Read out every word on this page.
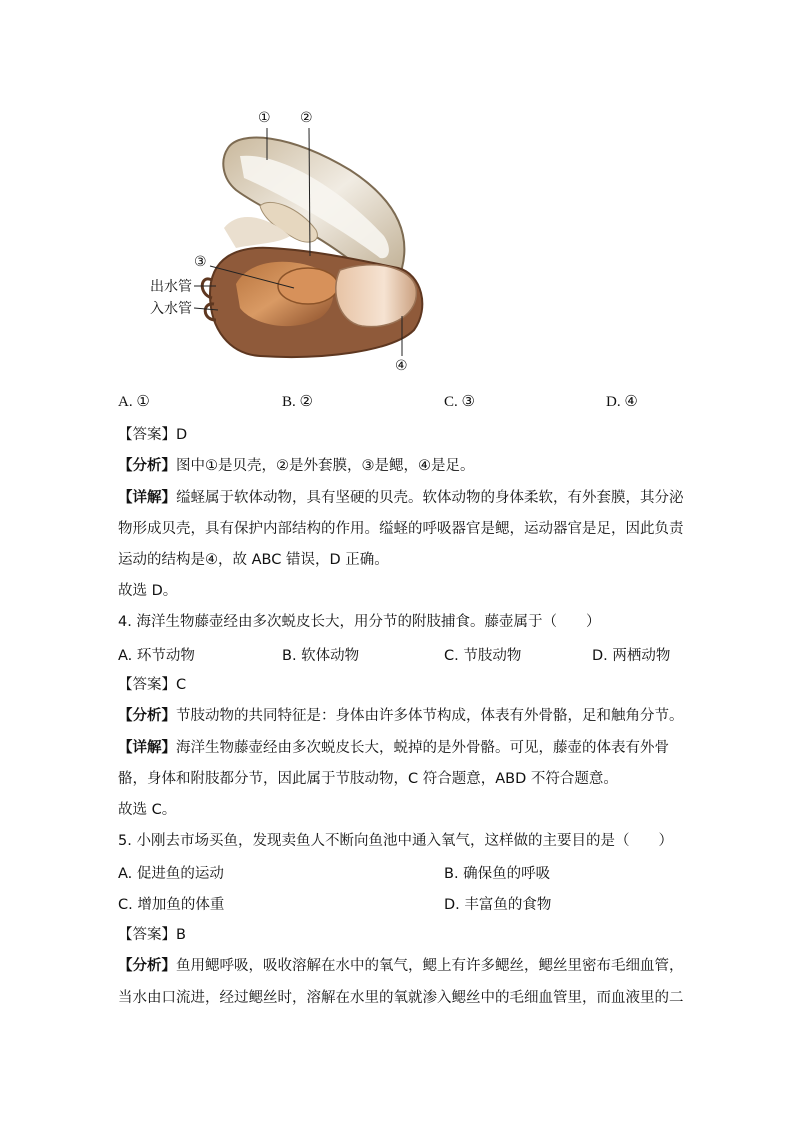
① ②
③
出水管
入水管
④
A. ①	B. ②	C. ③	D. ④
【答案】D
【分析】图中①是贝壳，②是外套膜，③是鳃，④是足。
【详解】缢蛏属于软体动物，具有坚硬的贝壳。软体动物的身体柔软，有外套膜，其分泌
物形成贝壳，具有保护内部结构的作用。缢蛏的呼吸器官是鳃，运动器官是足，因此负责
运动的结构是④，故 ABC 错误，D 正确。
故选 D。
4. 海洋生物藤壶经由多次蜕皮长大，用分节的附肢捕食。藤壶属于（　　）
A. 环节动物	B. 软体动物	C. 节肢动物	D. 两栖动物
【答案】C
【分析】节肢动物的共同特征是：身体由许多体节构成，体表有外骨骼，足和触角分节。
【详解】海洋生物藤壶经由多次蜕皮长大，蜕掉的是外骨骼。可见，藤壶的体表有外骨
骼，身体和附肢都分节，因此属于节肢动物，C 符合题意，ABD 不符合题意。
故选 C。
5. 小刚去市场买鱼，发现卖鱼人不断向鱼池中通入氧气，这样做的主要目的是（　　）
A. 促进鱼的运动	B. 确保鱼的呼吸
C. 增加鱼的体重	D. 丰富鱼的食物
【答案】B
【分析】鱼用鳃呼吸，吸收溶解在水中的氧气，鳃上有许多鳃丝，鳃丝里密布毛细血管，
当水由口流进，经过鳃丝时，溶解在水里的氧就渗入鳃丝中的毛细血管里，而血液里的二
